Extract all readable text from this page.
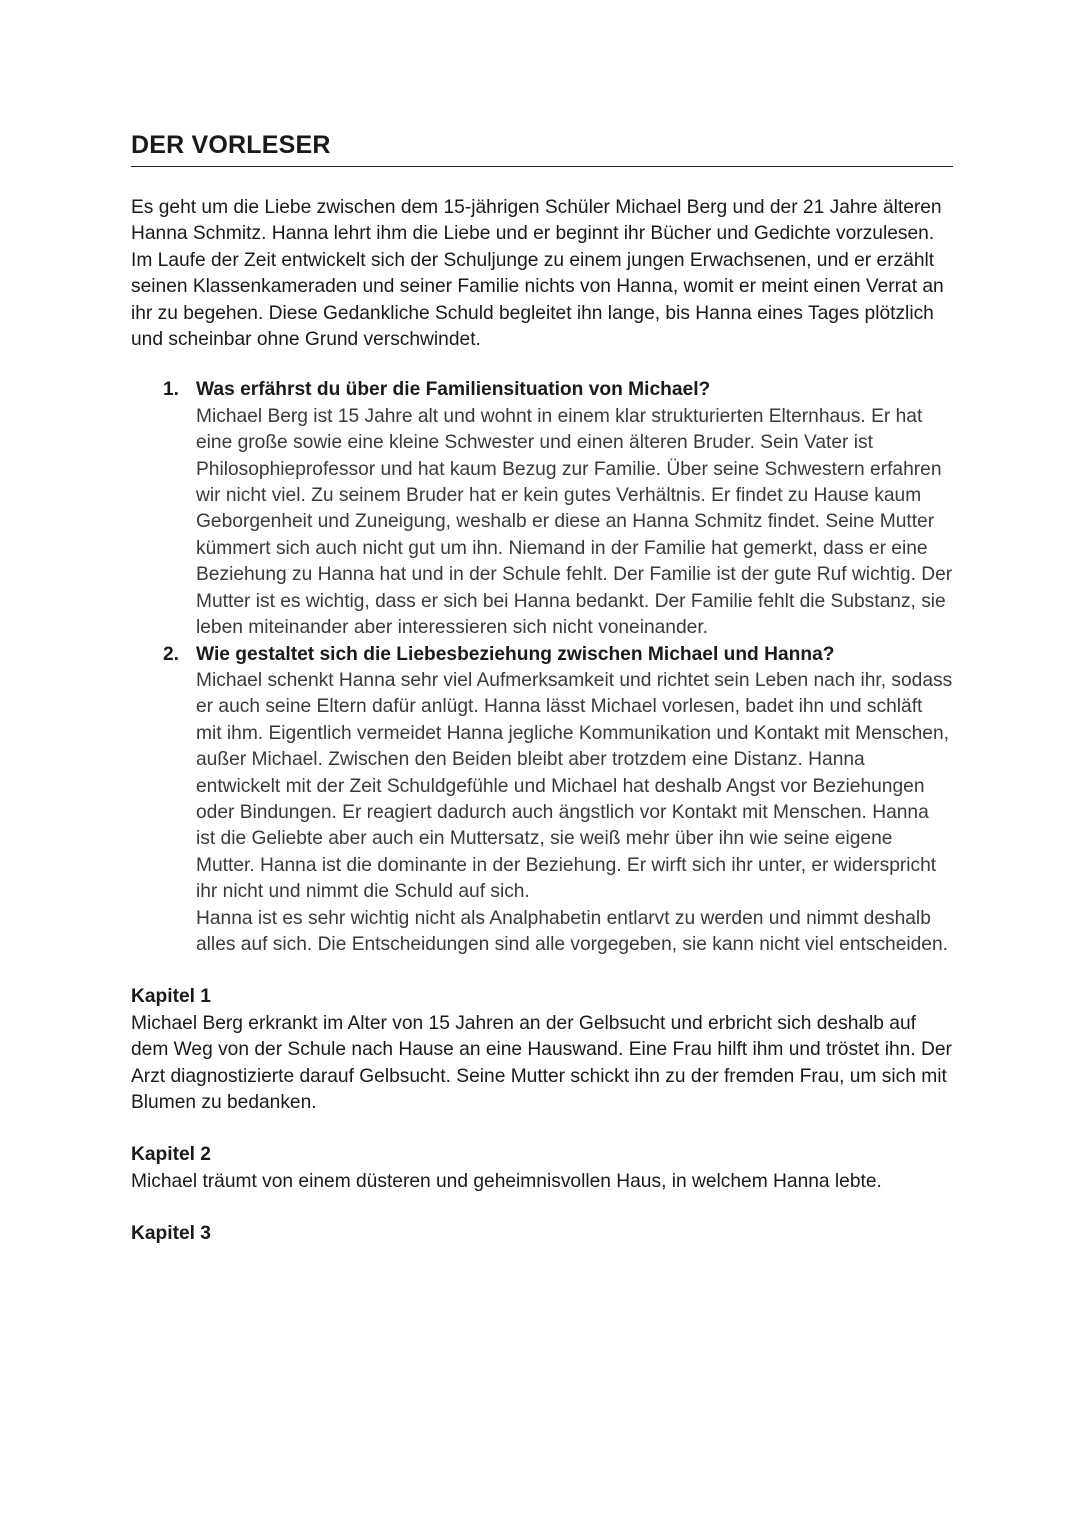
DER VORLESER

Es geht um die Liebe zwischen dem 15-jährigen Schüler Michael Berg und der 21 Jahre älteren Hanna Schmitz. Hanna lehrt ihm die Liebe und er beginnt ihr Bücher und Gedichte vorzulesen. Im Laufe der Zeit entwickelt sich der Schuljunge zu einem jungen Erwachsenen, und er erzählt seinen Klassenkameraden und seiner Familie nichts von Hanna, womit er meint einen Verrat an ihr zu begehen. Diese Gedankliche Schuld begleitet ihn lange, bis Hanna eines Tages plötzlich und scheinbar ohne Grund verschwindet.

1. Was erfährst du über die Familiensituation von Michael?

Michael Berg ist 15 Jahre alt und wohnt in einem klar strukturierten Elternhaus. Er hat eine große sowie eine kleine Schwester und einen älteren Bruder. Sein Vater ist Philosophieprofessor und hat kaum Bezug zur Familie. Über seine Schwestern erfahren wir nicht viel. Zu seinem Bruder hat er kein gutes Verhältnis. Er findet zu Hause kaum Geborgenheit und Zuneigung, weshalb er diese an Hanna Schmitz findet. Seine Mutter kümmert sich auch nicht gut um ihn. Niemand in der Familie hat gemerkt, dass er eine Beziehung zu Hanna hat und in der Schule fehlt. Der Familie ist der gute Ruf wichtig. Der Mutter ist es wichtig, dass er sich bei Hanna bedankt. Der Familie fehlt die Substanz, sie leben miteinander aber interessieren sich nicht voneinander.

2. Wie gestaltet sich die Liebesbeziehung zwischen Michael und Hanna?

Michael schenkt Hanna sehr viel Aufmerksamkeit und richtet sein Leben nach ihr, sodass er auch seine Eltern dafür anlügt. Hanna lässt Michael vorlesen, badet ihn und schläft mit ihm. Eigentlich vermeidet Hanna jegliche Kommunikation und Kontakt mit Menschen, außer Michael. Zwischen den Beiden bleibt aber trotzdem eine Distanz. Hanna entwickelt mit der Zeit Schuldgefühle und Michael hat deshalb Angst vor Beziehungen oder Bindungen. Er reagiert dadurch auch ängstlich vor Kontakt mit Menschen. Hanna ist die Geliebte aber auch ein Muttersatz, sie weiß mehr über ihn wie seine eigene Mutter. Hanna ist die dominante in der Beziehung. Er wirft sich ihr unter, er widerspricht ihr nicht und nimmt die Schuld auf sich.

Hanna ist es sehr wichtig nicht als Analphabetin entlarvt zu werden und nimmt deshalb alles auf sich. Die Entscheidungen sind alle vorgegeben, sie kann nicht viel entscheiden.

Kapitel 1

Michael Berg erkrankt im Alter von 15 Jahren an der Gelbsucht und erbricht sich deshalb auf dem Weg von der Schule nach Hause an eine Hauswand. Eine Frau hilft ihm und tröstet ihn. Der Arzt diagnostizierte darauf Gelbsucht. Seine Mutter schickt ihn zu der fremden Frau, um sich mit Blumen zu bedanken.

Kapitel 2

Michael träumt von einem düsteren und geheimnisvollen Haus, in welchem Hanna lebte.

Kapitel 3
